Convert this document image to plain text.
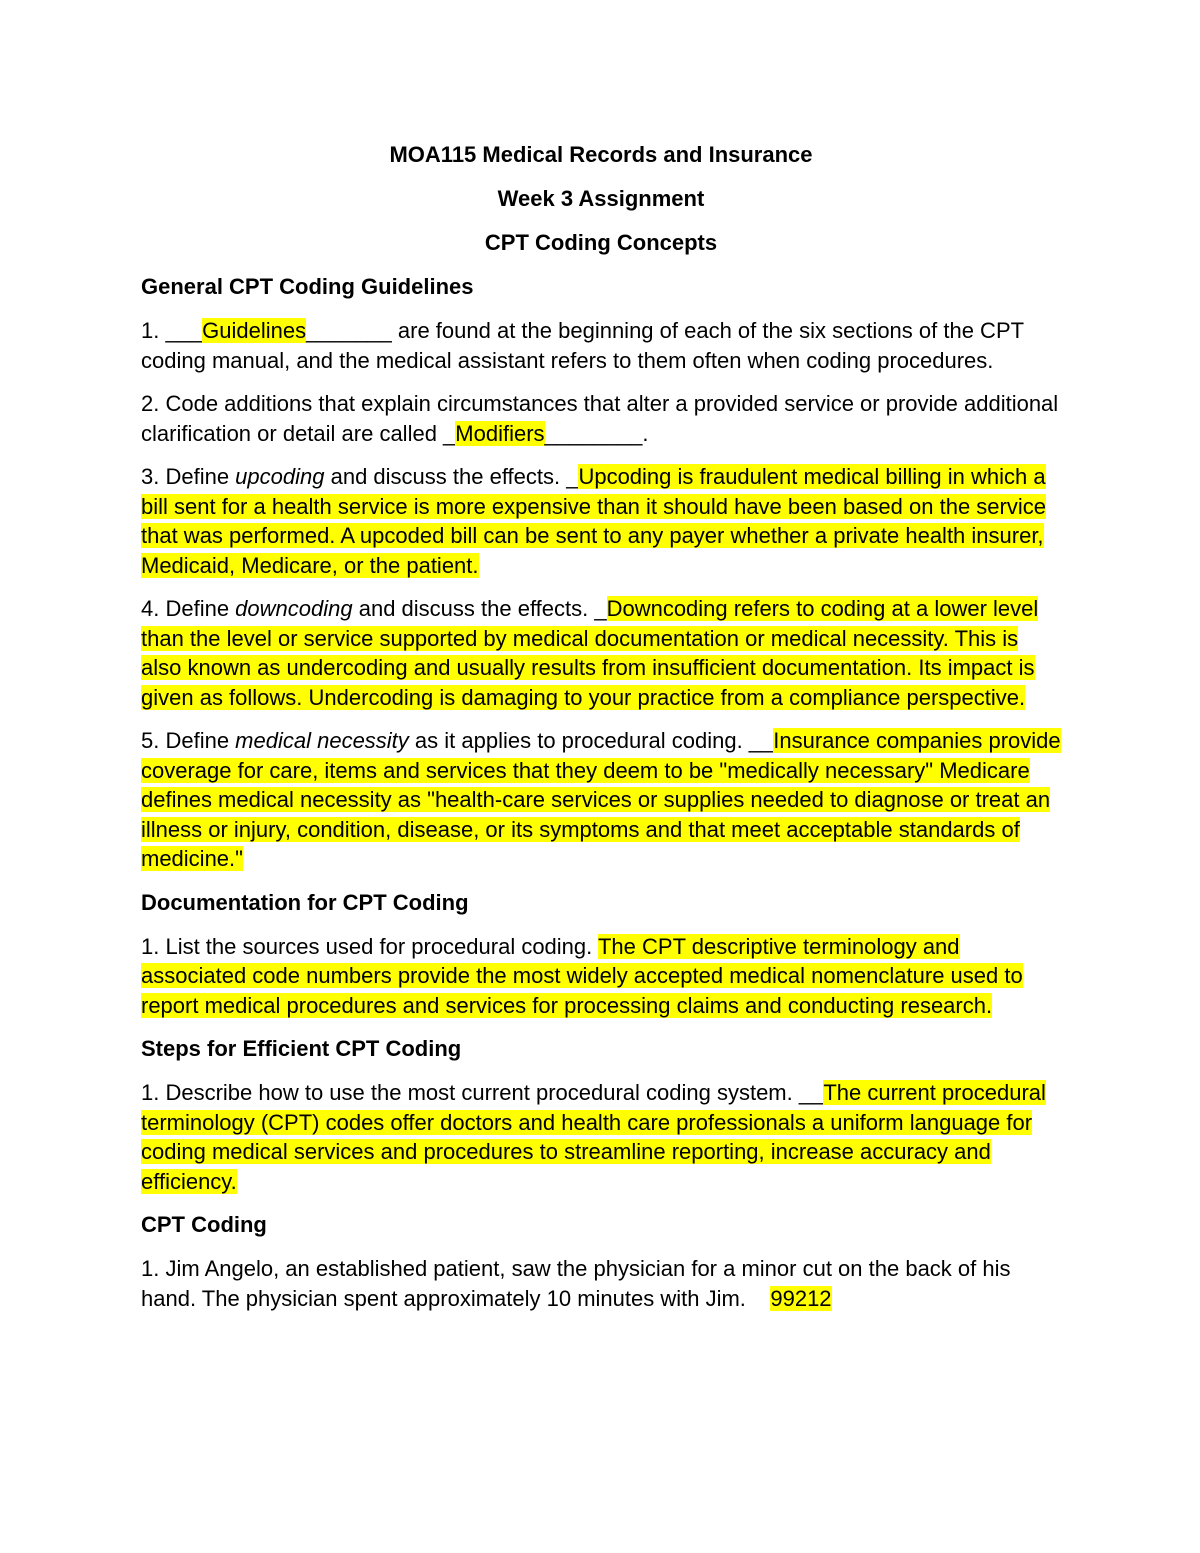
MOA115 Medical Records and Insurance

Week 3 Assignment

CPT Coding Concepts

General CPT Coding Guidelines

1. ___Guidelines_______ are found at the beginning of each of the six sections of the CPT coding manual, and the medical assistant refers to them often when coding procedures.

2. Code additions that explain circumstances that alter a provided service or provide additional clarification or detail are called _Modifiers________.

3. Define upcoding and discuss the effects. _Upcoding is fraudulent medical billing in which a bill sent for a health service is more expensive than it should have been based on the service that was performed. A upcoded bill can be sent to any payer whether a private health insurer, Medicaid, Medicare, or the patient.

4. Define downcoding and discuss the effects. _Downcoding refers to coding at a lower level than the level or service supported by medical documentation or medical necessity. This is also known as undercoding and usually results from insufficient documentation. Its impact is given as follows. Undercoding is damaging to your practice from a compliance perspective.

5. Define medical necessity as it applies to procedural coding. __Insurance companies provide coverage for care, items and services that they deem to be "medically necessary" Medicare defines medical necessity as "health-care services or supplies needed to diagnose or treat an illness or injury, condition, disease, or its symptoms and that meet acceptable standards of medicine."

Documentation for CPT Coding

1. List the sources used for procedural coding. The CPT descriptive terminology and associated code numbers provide the most widely accepted medical nomenclature used to report medical procedures and services for processing claims and conducting research.

Steps for Efficient CPT Coding

1. Describe how to use the most current procedural coding system. __The current procedural terminology (CPT) codes offer doctors and health care professionals a uniform language for coding medical services and procedures to streamline reporting, increase accuracy and efficiency.

CPT Coding

1. Jim Angelo, an established patient, saw the physician for a minor cut on the back of his hand. The physician spent approximately 10 minutes with Jim.    99212
